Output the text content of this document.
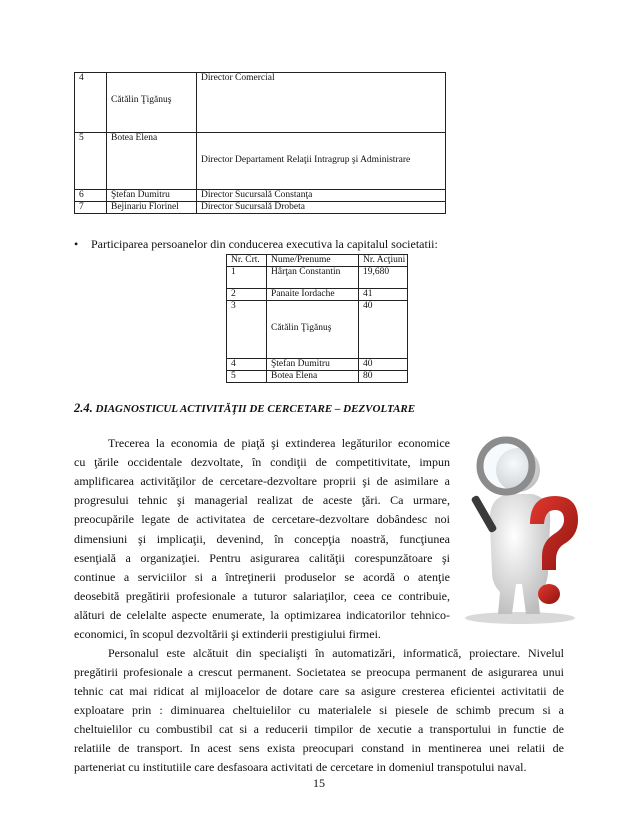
4	Cătălin Ţigănuş	Director Comercial
5	Botea Elena	Director Departament Relaţii Intragrup şi Administrare

6	Ştefan Dumitru	Director Sucursală Constanţa
7	Bejinariu Florinel	Director Sucursală Drobeta
• Participarea persoanelor din conducerea executiva la capitalul societatii:
Nr. Crt.	Nume/Prenume	Nr. Acţiuni
1	Hârţan Constantin	19,680
2	Panaite Iordache	41
3	Cătălin Ţigănuş	40
4	Ştefan Dumitru	40
5	Botea Elena	80
2.4. DIAGNOSTICUL ACTIVITĂŢII DE CERCETARE – DEZVOLTARE
Trecerea la economia de piaţă şi extinderea legăturilor economice
cu ţările occidentale dezvoltate, în condiţii de competitivitate, impun
amplificarea activităţilor de cercetare-dezvoltare proprii şi de asimilare a
progresului tehnic şi managerial realizat de aceste ţări. Ca urmare,
preocupările legate de activitatea de cercetare-dezvoltare dobândesc noi
dimensiuni şi implicaţii, devenind, în concepţia noastră, funcţiunea
esenţială a organizaţiei. Pentru asigurarea calităţii corespunzătoare şi
continue a serviciilor si a întreţinerii produselor se acordă o atenţie
deosebită pregătirii profesionale a tuturor salariaţilor, ceea ce contribuie,
alături de celelalte aspecte enumerate, la optimizarea indicatorilor tehnico-
economici, în scopul dezvoltării şi extinderii prestigiului firmei.
Personalul este alcătuit din specialişti în automatizări, informatică, proiectare. Nivelul
pregătirii profesionale a crescut permanent. Societatea se preocupa permanent de asigurarea unui
tehnic cat mai ridicat al mijloacelor de dotare care sa asigure cresterea eficientei activitatii de
exploatare prin : diminuarea cheltuielilor cu materialele si piesele de schimb precum si a
cheltuielilor cu combustibil cat si a reducerii timpilor de xecutie a transportului in functie de
relatiile de transport. In acest sens exista preocupari constand in mentinerea unei relatii de
parteneriat cu institutiile care desfasoara activitati de cercetare in domeniul transpotului naval.
15
